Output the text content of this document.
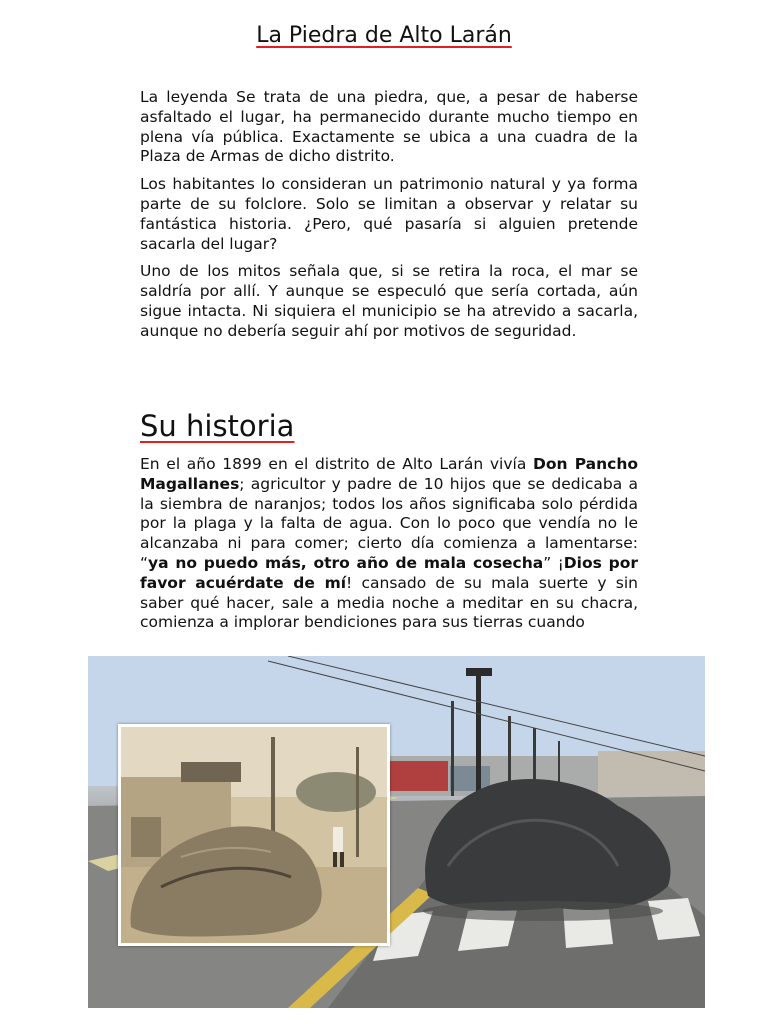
La Piedra de Alto Larán

La leyenda Se trata de una piedra, que, a pesar de haberse asfaltado el lugar, ha permanecido durante mucho tiempo en plena vía pública. Exactamente se ubica a una cuadra de la Plaza de Armas de dicho distrito.

Los habitantes lo consideran un patrimonio natural y ya forma parte de su folclore. Solo se limitan a observar y relatar su fantástica historia. ¿Pero, qué pasaría si alguien pretende sacarla del lugar?

Uno de los mitos señala que, si se retira la roca, el mar se saldría por allí. Y aunque se especuló que sería cortada, aún sigue intacta. Ni siquiera el municipio se ha atrevido a sacarla, aunque no debería seguir ahí por motivos de seguridad.

Su historia

En el año 1899 en el distrito de Alto Larán vivía Don Pancho Magallanes; agricultor y padre de 10 hijos que se dedicaba a la siembra de naranjos; todos los años significaba solo pérdida por la plaga y la falta de agua. Con lo poco que vendía no le alcanzaba ni para comer; cierto día comienza a lamentarse: “ya no puedo más, otro año de mala cosecha” ¡Dios por favor acuérdate de mí! cansado de su mala suerte y sin saber qué hacer, sale a media noche a meditar en su chacra, comienza a implorar bendiciones para sus tierras cuando
